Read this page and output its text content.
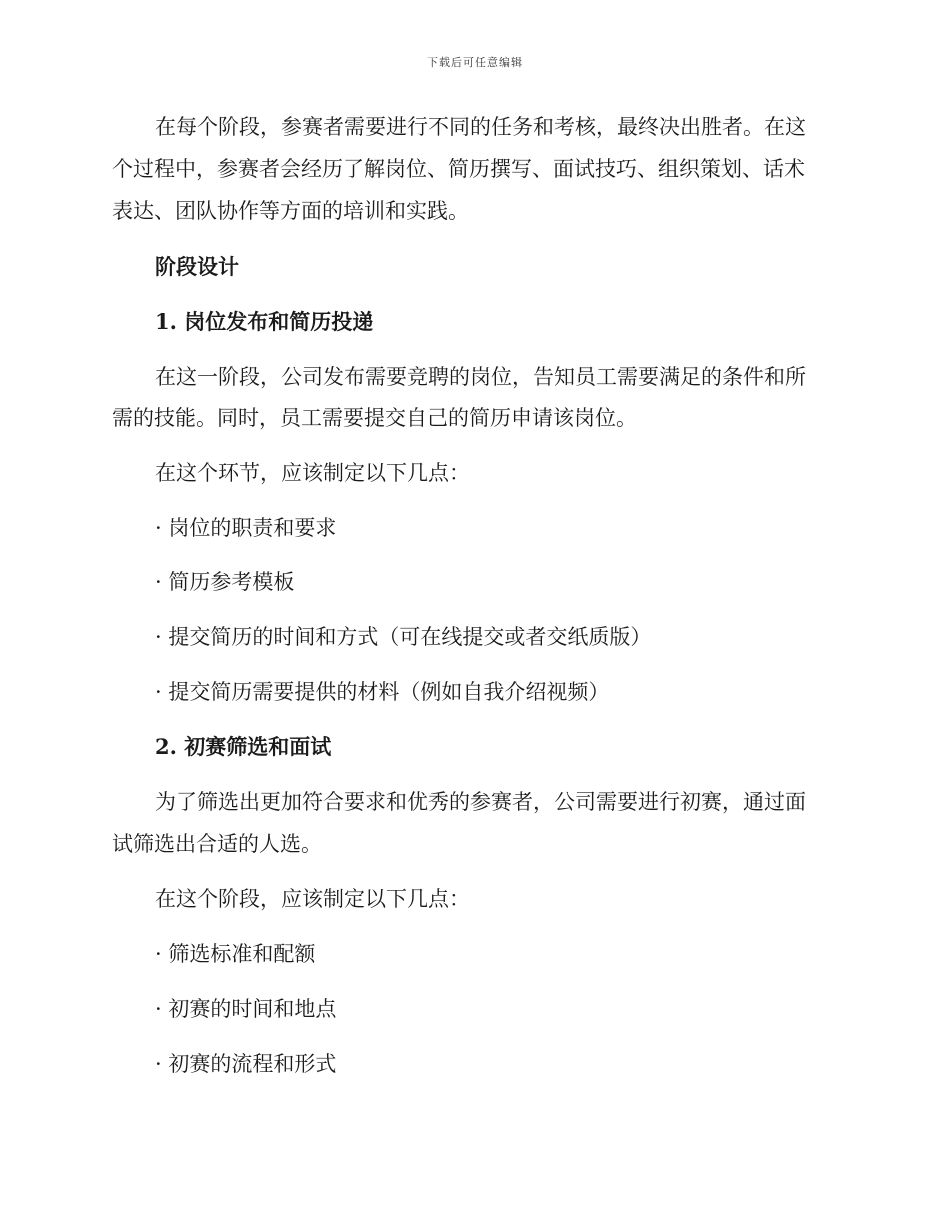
下载后可任意编辑
在每个阶段，参赛者需要进行不同的任务和考核，最终决出胜者。在这
个过程中，参赛者会经历了解岗位、简历撰写、面试技巧、组织策划、话术
表达、团队协作等方面的培训和实践。
阶段设计
1. 岗位发布和简历投递
在这一阶段，公司发布需要竞聘的岗位，告知员工需要满足的条件和所
需的技能。同时，员工需要提交自己的简历申请该岗位。
在这个环节，应该制定以下几点：
· 岗位的职责和要求
· 简历参考模板
· 提交简历的时间和方式（可在线提交或者交纸质版）
· 提交简历需要提供的材料（例如自我介绍视频）
2. 初赛筛选和面试
为了筛选出更加符合要求和优秀的参赛者，公司需要进行初赛，通过面
试筛选出合适的人选。
在这个阶段，应该制定以下几点：
· 筛选标准和配额
· 初赛的时间和地点
· 初赛的流程和形式
